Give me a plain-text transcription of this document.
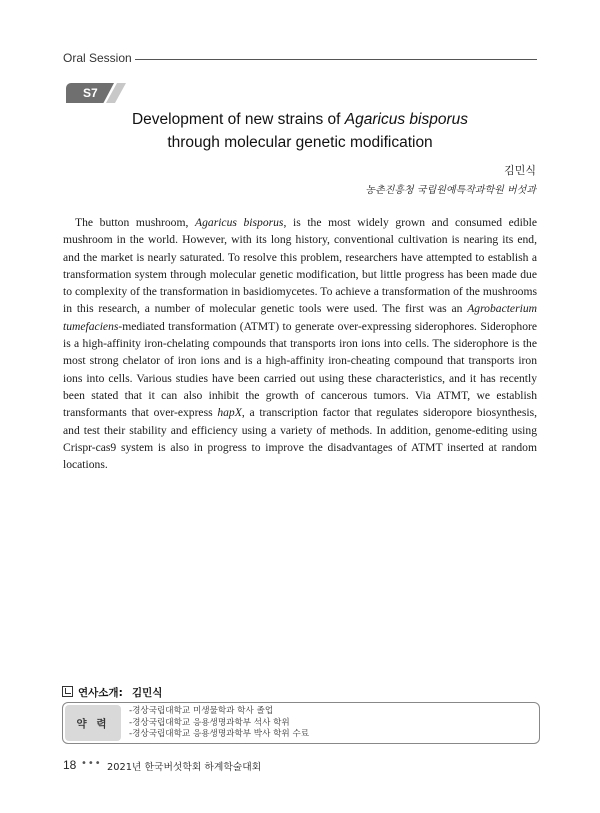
Oral Session
S7
Development of new strains of Agaricus bisporus
through molecular genetic modification
김민식
농촌진흥청 국립원예특작과학원 버섯과

The button mushroom, Agaricus bisporus, is the most widely grown and consumed edible mushroom in the world. However, with its long history, conventional cultivation is nearing its end, and the market is nearly saturated. To resolve this problem, researchers have attempted to establish a transformation system through molecular genetic modification, but little progress has been made due to complexity of the transformation in basidiomycetes. To achieve a transformation of the mushrooms in this research, a number of molecular genetic tools were used. The first was an Agrobacterium tumefaciens-mediated transformation (ATMT) to generate over-expressing siderophores. Siderophore is a high-affinity iron-chelating compounds that transports iron ions into cells. The siderophore is the most strong chelator of iron ions and is a high-affinity iron-cheating compound that transports iron ions into cells. Various studies have been carried out using these characteristics, and it has recently been stated that it can also inhibit the growth of cancerous tumors. Via ATMT, we establish transformants that over-express hapX, a transcription factor that regulates sideropore biosynthesis, and test their stability and efficiency using a variety of methods. In addition, genome-editing using Crispr-cas9 system is also in progress to improve the disadvantages of ATMT inserted at random locations.

연사소개: 김민식
약 력
-경상국립대학교 미생물학과 학사 졸업
-경상국립대학교 응용생명과학부 석사 학위
-경상국립대학교 응용생명과학부 박사 학위 수료
18 ••• 2021년 한국버섯학회 하계학술대회
